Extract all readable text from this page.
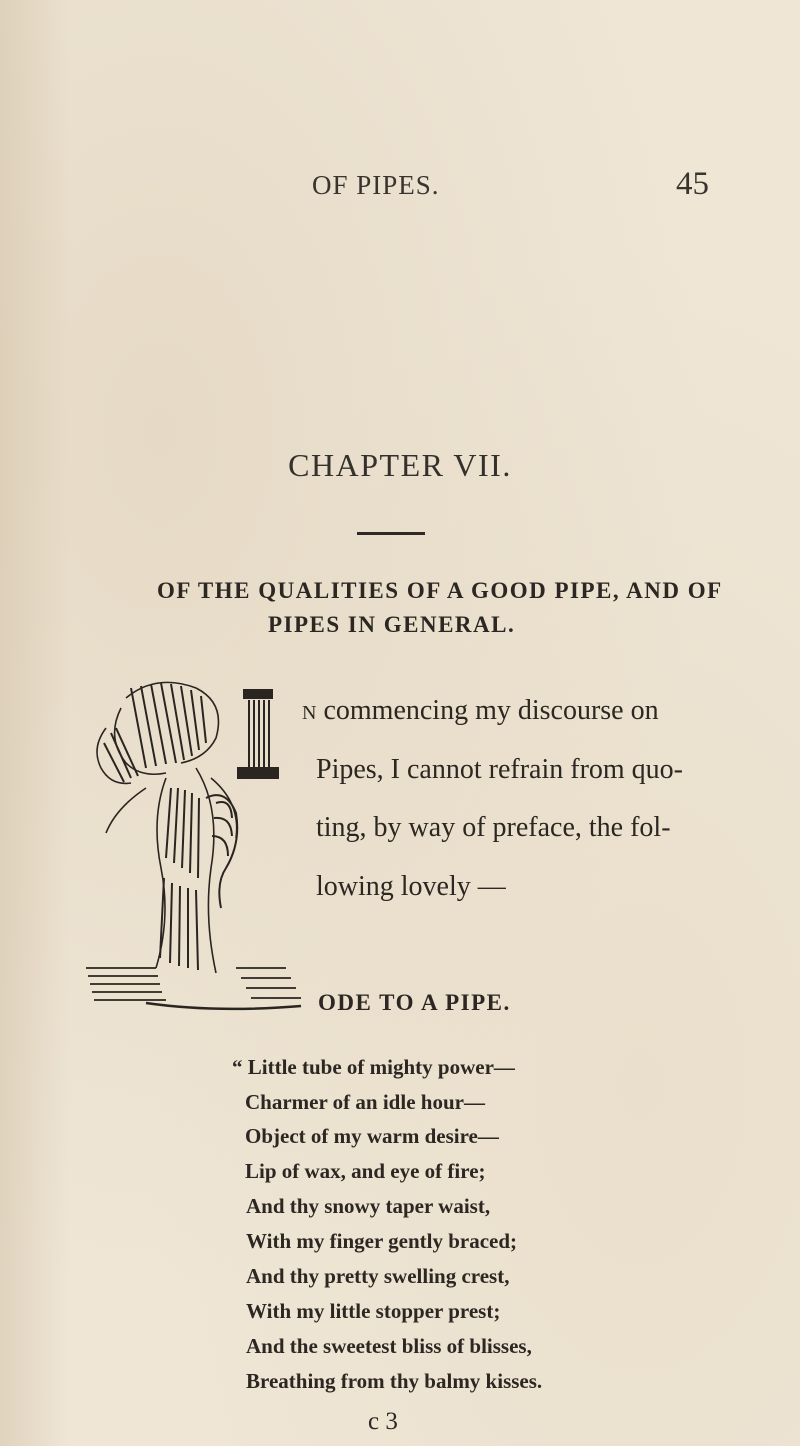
OF PIPES.	45
CHAPTER VII.
OF THE QUALITIES OF A GOOD PIPE, AND OF
PIPES IN GENERAL.
n commencing my discourse on
Pipes, I cannot refrain from quo-
ting, by way of preface, the fol-
lowing lovely —
ODE TO A PIPE.
“ Little tube of mighty power—
Charmer of an idle hour—
Object of my warm desire—
Lip of wax, and eye of fire;
And thy snowy taper waist,
With my finger gently braced;
And thy pretty swelling crest,
With my little stopper prest;
And the sweetest bliss of blisses,
Breathing from thy balmy kisses.
c 3
